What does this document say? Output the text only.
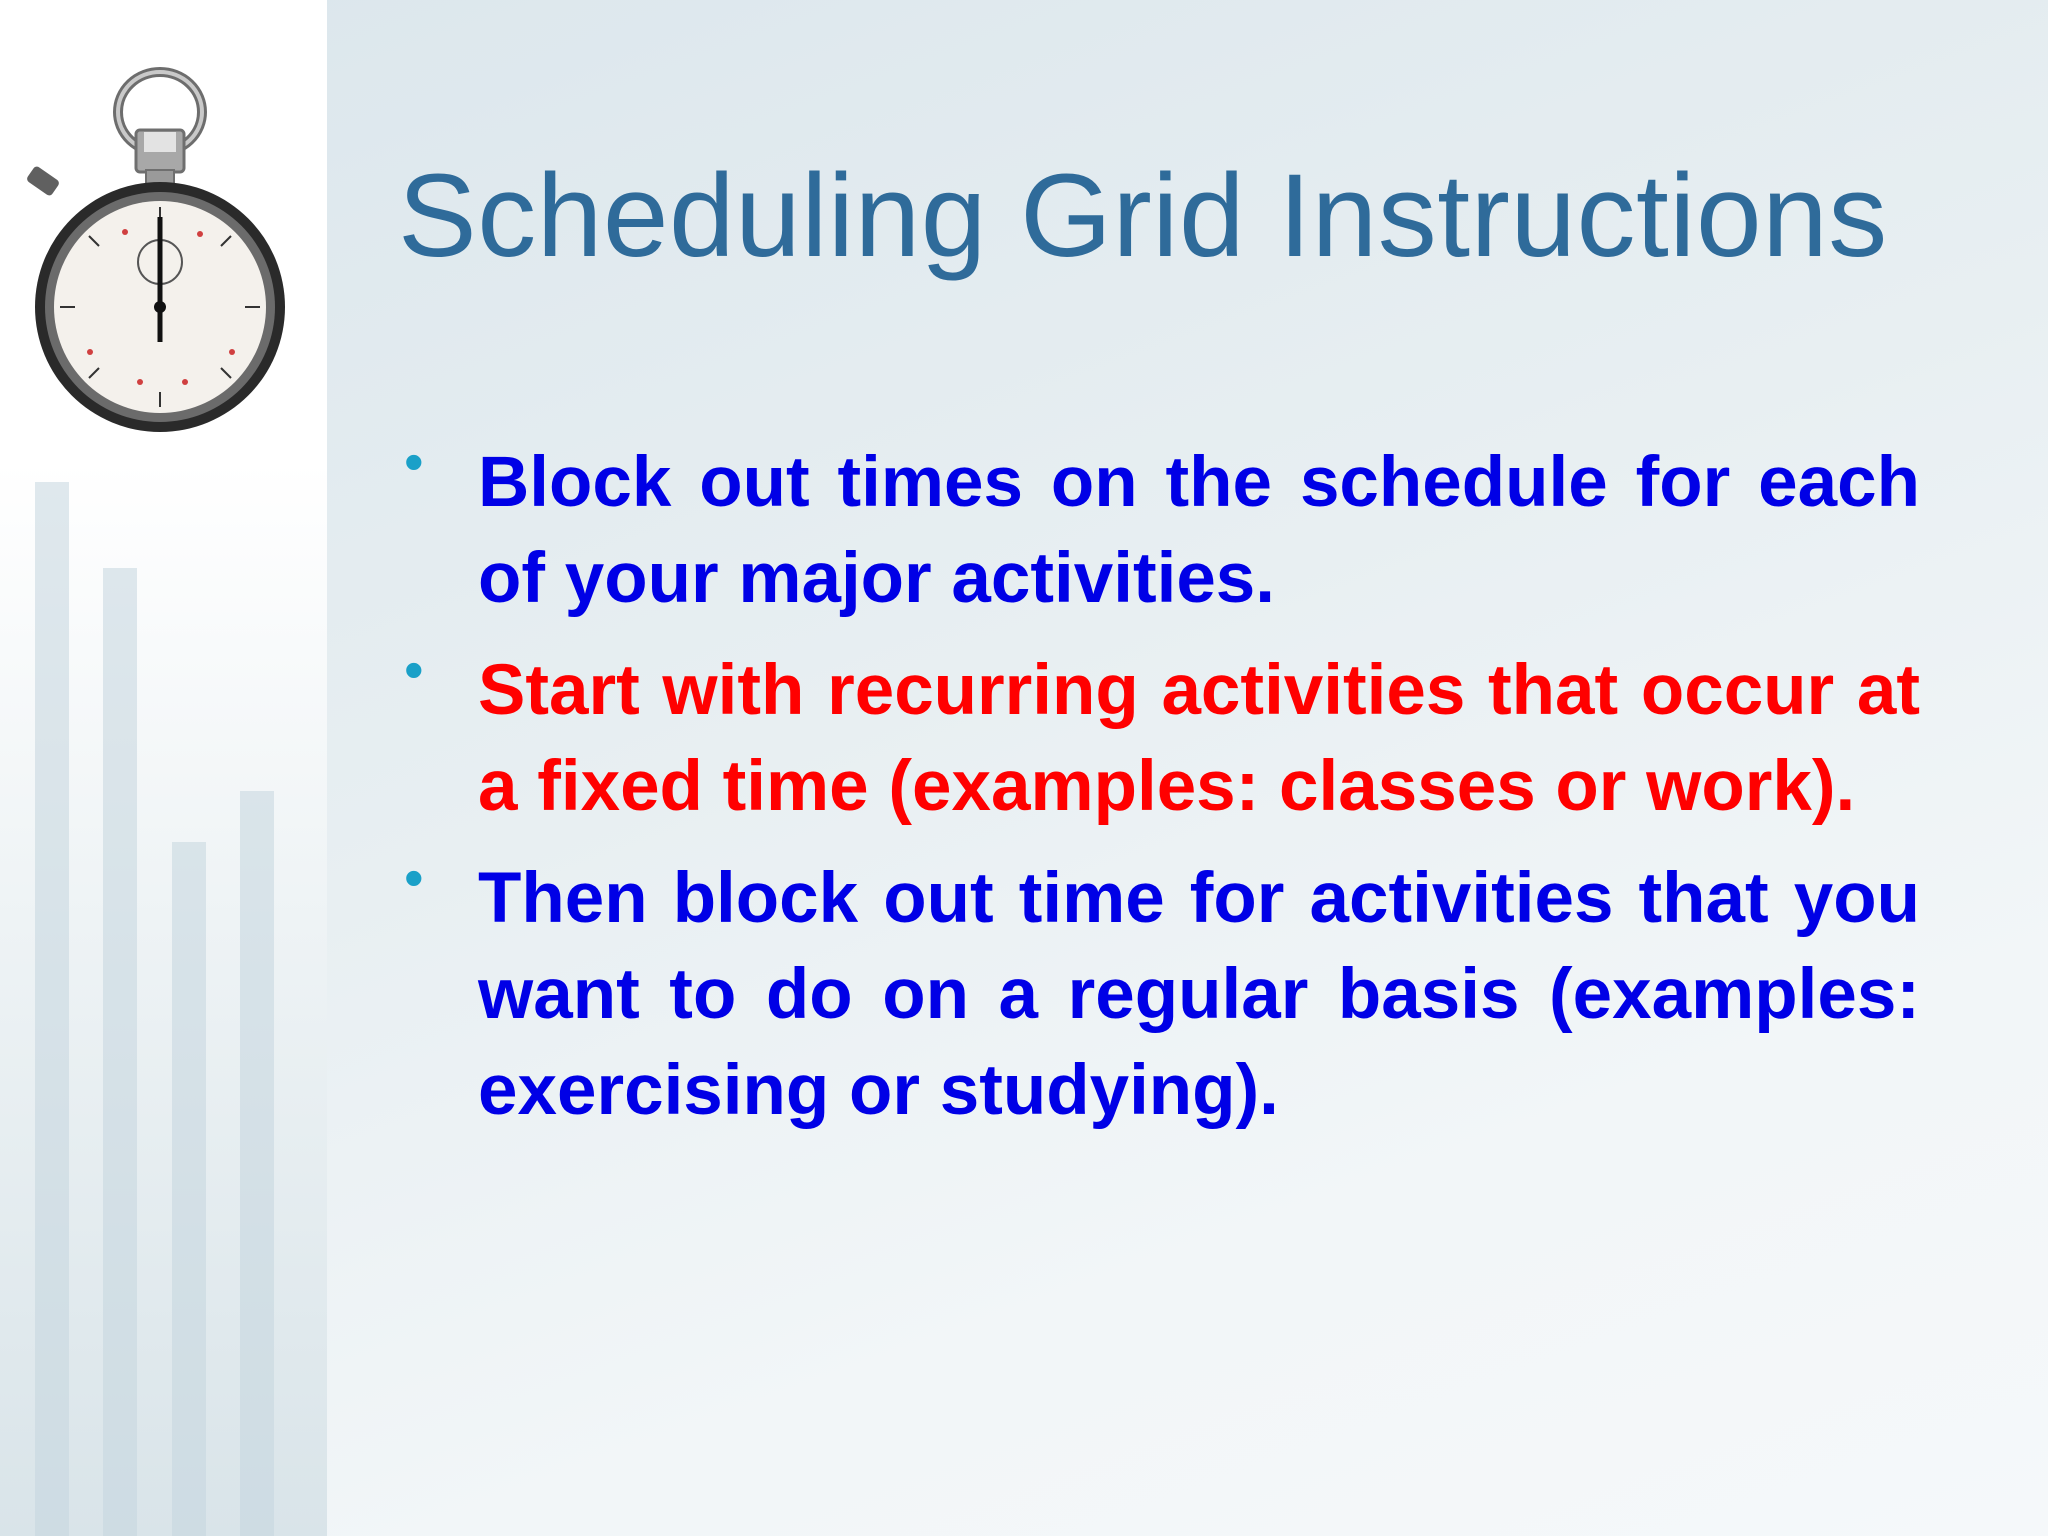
Scheduling Grid Instructions
• Block out times on the schedule for each of your major activities.
• Start with recurring activities that occur at a fixed time (examples: classes or work).
• Then block out time for activities that you want to do on a regular basis (examples: exercising or studying).
